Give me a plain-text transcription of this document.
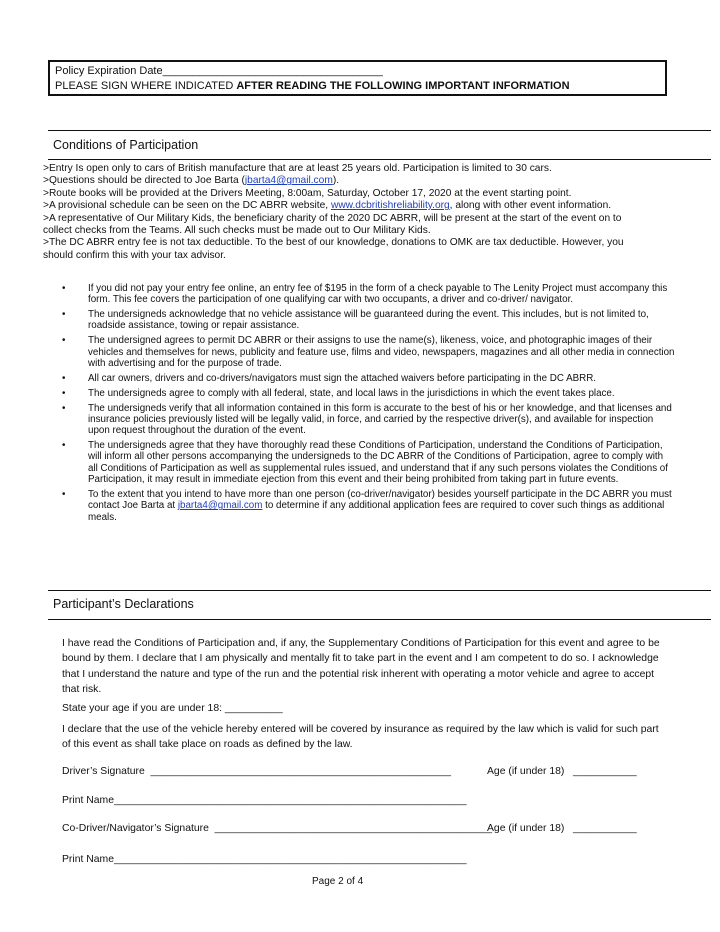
Policy Expiration Date____________________________________
PLEASE SIGN WHERE INDICATED AFTER READING THE FOLLOWING IMPORTANT INFORMATION
Conditions of Participation
>Entry Is open only to cars of British manufacture that are at least 25 years old. Participation is limited to 30 cars.
>Questions should be directed to Joe Barta (jbarta4@gmail.com).
>Route books will be provided at the Drivers Meeting, 8:00am, Saturday, October 17, 2020 at the event starting point.
>A provisional schedule can be seen on the DC ABRR website, www.dcbritishreliability.org, along with other event information.
>A representative of Our Military Kids, the beneficiary charity of the 2020 DC ABRR, will be present at the start of the event on to
collect checks from the Teams. All such checks must be made out to Our Military Kids.
>The DC ABRR entry fee is not tax deductible. To the best of our knowledge, donations to OMK are tax deductible. However, you
should confirm this with your tax advisor.
• If you did not pay your entry fee online, an entry fee of $195 in the form of a check payable to The Lenity Project must accompany this form. This fee covers the participation of one qualifying car with two occupants, a driver and co-driver/ navigator.
• The undersigneds acknowledge that no vehicle assistance will be guaranteed during the event. This includes, but is not limited to, roadside assistance, towing or repair assistance.
• The undersigned agrees to permit DC ABRR or their assigns to use the name(s), likeness, voice, and photographic images of their vehicles and themselves for news, publicity and feature use, films and video, newspapers, magazines and all other media in connection with advertising and for the purpose of trade.
• All car owners, drivers and co-drivers/navigators must sign the attached waivers before participating in the DC ABRR.
• The undersigneds agree to comply with all federal, state, and local laws in the jurisdictions in which the event takes place.
• The undersigneds verify that all information contained in this form is accurate to the best of his or her knowledge, and that licenses and insurance policies previously listed will be legally valid, in force, and carried by the respective driver(s), and available for inspection upon request throughout the duration of the event.
• The undersigneds agree that they have thoroughly read these Conditions of Participation, understand the Conditions of Participation, will inform all other persons accompanying the undersigneds to the DC ABRR of the Conditions of Participation, agree to comply with all Conditions of Participation as well as supplemental rules issued, and understand that if any such persons violates the Conditions of Participation, it may result in immediate ejection from this event and their being prohibited from taking part in future events.
• To the extent that you intend to have more than one person (co-driver/navigator) besides yourself participate in the DC ABRR you must contact Joe Barta at jbarta4@gmail.com to determine if any additional application fees are required to cover such things as additional meals.
Participant’s Declarations
I have read the Conditions of Participation and, if any, the Supplementary Conditions of Participation for this event and agree to be bound by them. I declare that I am physically and mentally fit to take part in the event and I am competent to do so. I acknowledge that I understand the nature and type of the run and the potential risk inherent with operating a motor vehicle and agree to accept that risk.
State your age if you are under 18: __________
I declare that the use of the vehicle hereby entered will be covered by insurance as required by the law which is valid for such part of this event as shall take place on roads as defined by the law.
Driver’s Signature  ____________________________________________________	Age (if under 18)   ___________
Print Name_____________________________________________________________
Co-Driver/Navigator’s Signature  ________________________________________________
Age (if under 18)   ___________
Print Name_____________________________________________________________
Page 2 of 4
